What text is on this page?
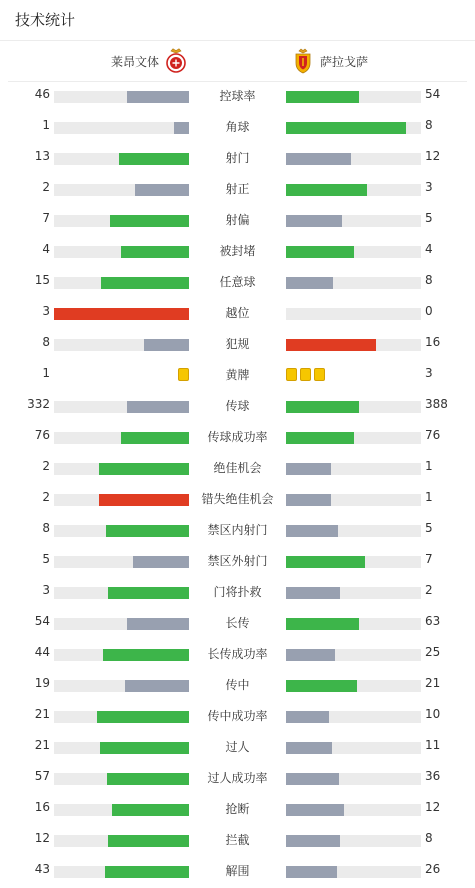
技术统计
莱昂文体	萨拉戈萨
46	控球率	54
1	角球	8
13	射门	12
2	射正	3
7	射偏	5
4	被封堵	4
15	任意球	8
3	越位	0
8	犯规	16
1	黄牌	3
332	传球	388
76	传球成功率	76
2	绝佳机会	1
2	错失绝佳机会	1
8	禁区内射门	5
5	禁区外射门	7
3	门将扑救	2
54	长传	63
44	长传成功率	25
19	传中	21
21	传中成功率	10
21	过人	11
57	过人成功率	36
16	抢断	12
12	拦截	8
43	解围	26
